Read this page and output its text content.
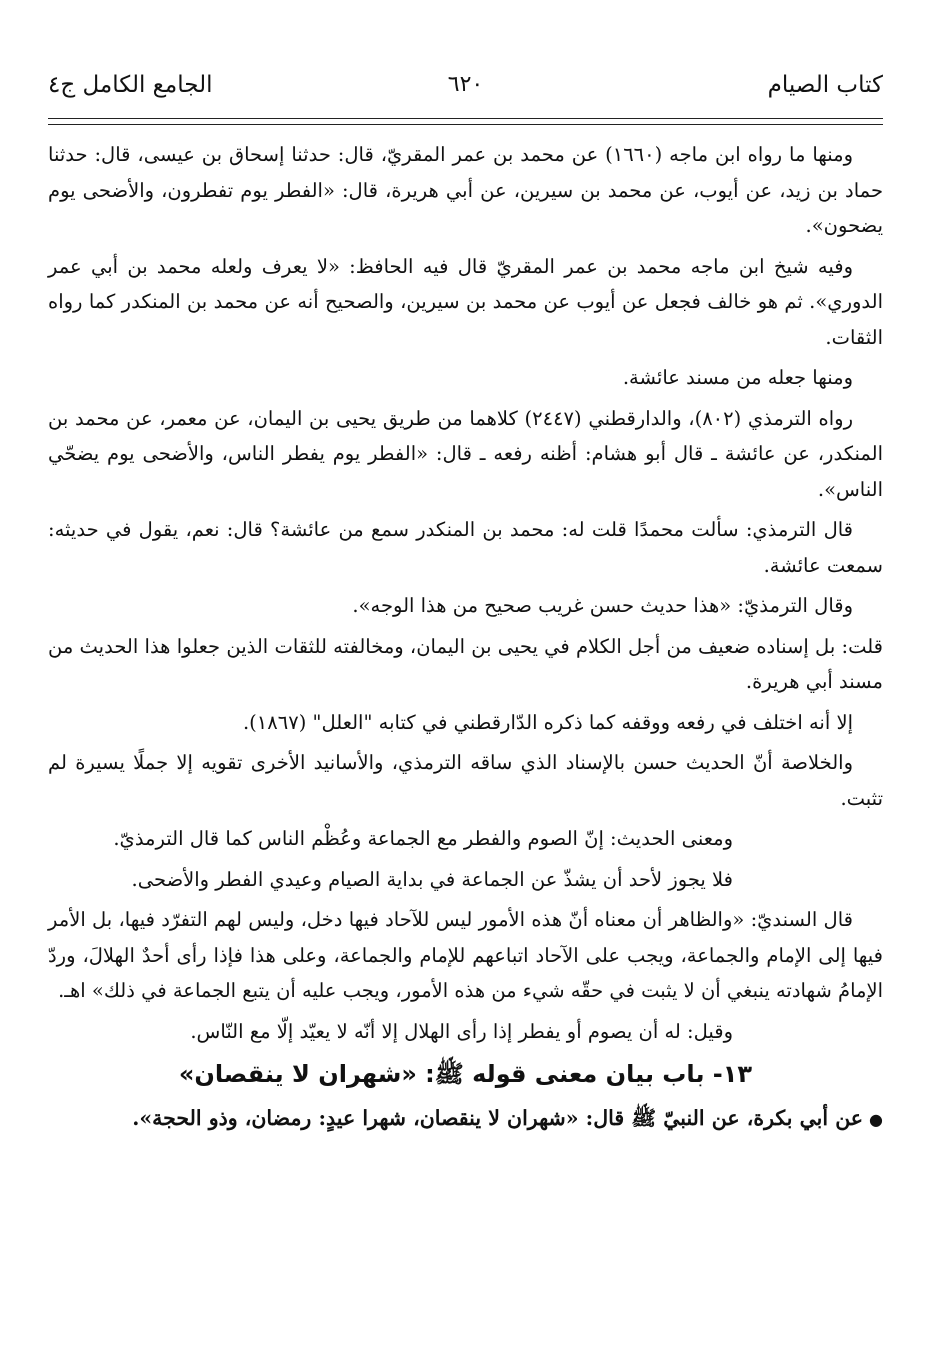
كتاب الصيام
٦٢٠
الجامع الكامل ج٤

ومنها ما رواه ابن ماجه (١٦٦٠) عن محمد بن عمر المقريّ، قال: حدثنا إسحاق بن عيسى، قال: حدثنا حماد بن زيد، عن أيوب، عن محمد بن سيرين، عن أبي هريرة، قال: «الفطر يوم تفطرون، والأضحى يوم يضحون».

وفيه شيخ ابن ماجه محمد بن عمر المقريّ قال فيه الحافظ: «لا يعرف ولعله محمد بن أبي عمر الدوري». ثم هو خالف فجعل عن أيوب عن محمد بن سيرين، والصحيح أنه عن محمد بن المنكدر كما رواه الثقات.

ومنها جعله من مسند عائشة.

رواه الترمذي (٨٠٢)، والدارقطني (٢٤٤٧) كلاهما من طريق يحيى بن اليمان، عن معمر، عن محمد بن المنكدر، عن عائشة ـ قال أبو هشام: أظنه رفعه ـ قال: «الفطر يوم يفطر الناس، والأضحى يوم يضحّي الناس».

قال الترمذي: سألت محمدًا قلت له: محمد بن المنكدر سمع من عائشة؟ قال: نعم، يقول في حديثه: سمعت عائشة.

وقال الترمذيّ: «هذا حديث حسن غريب صحيح من هذا الوجه».

قلت: بل إسناده ضعيف من أجل الكلام في يحيى بن اليمان، ومخالفته للثقات الذين جعلوا هذا الحديث من مسند أبي هريرة.

إلا أنه اختلف في رفعه ووقفه كما ذكره الدّارقطني في كتابه "العلل" (١٨٦٧).

والخلاصة أنّ الحديث حسن بالإسناد الذي ساقه الترمذي، والأسانيد الأخرى تقويه إلا جملًا يسيرة لم تثبت.

ومعنى الحديث: إنّ الصوم والفطر مع الجماعة وعُظْم الناس كما قال الترمذيّ.

فلا يجوز لأحد أن يشذّ عن الجماعة في بداية الصيام وعيدي الفطر والأضحى.

قال السنديّ: «والظاهر أن معناه أنّ هذه الأمور ليس للآحاد فيها دخل، وليس لهم التفرّد فيها، بل الأمر فيها إلى الإمام والجماعة، ويجب على الآحاد اتباعهم للإمام والجماعة، وعلى هذا فإذا رأى أحدٌ الهلالَ، وردّ الإمامُ شهادته ينبغي أن لا يثبت في حقّه شيء من هذه الأمور، ويجب عليه أن يتبع الجماعة في ذلك» اهـ.

وقيل: له أن يصوم أو يفطر إذا رأى الهلال إلا أنّه لا يعيّد إلّا مع النّاس.

١٣- باب بيان معنى قوله ﷺ: «شهران لا ينقصان»

●عن أبي بكرة، عن النبيّ ﷺ قال: «شهران لا ينقصان، شهرا عيدٍ: رمضان، وذو الحجة».
